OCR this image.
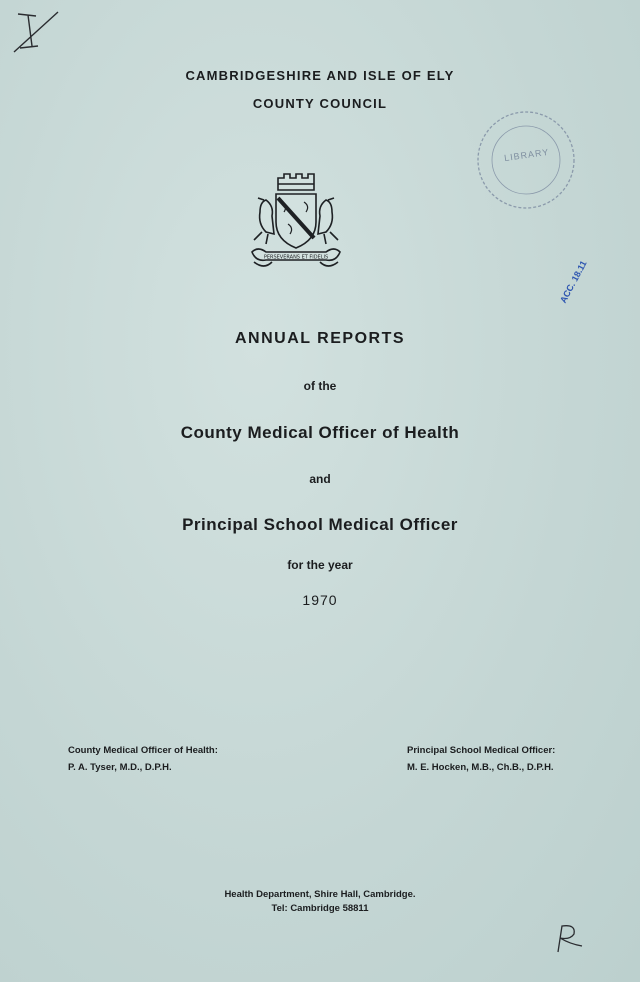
CAMBRIDGESHIRE AND ISLE OF ELY
COUNTY COUNCIL
LIBRARY
ACC. 18.11
PERSEVERANS ET FIDELIS
ANNUAL REPORTS
of the
County Medical Officer of Health
and
Principal School Medical Officer
for the year
1970
County Medical Officer of Health:
P. A. Tyser, M.D., D.P.H.
Principal School Medical Officer:
M. E. Hocken, M.B., Ch.B., D.P.H.
Health Department, Shire Hall, Cambridge.
Tel: Cambridge 58811
